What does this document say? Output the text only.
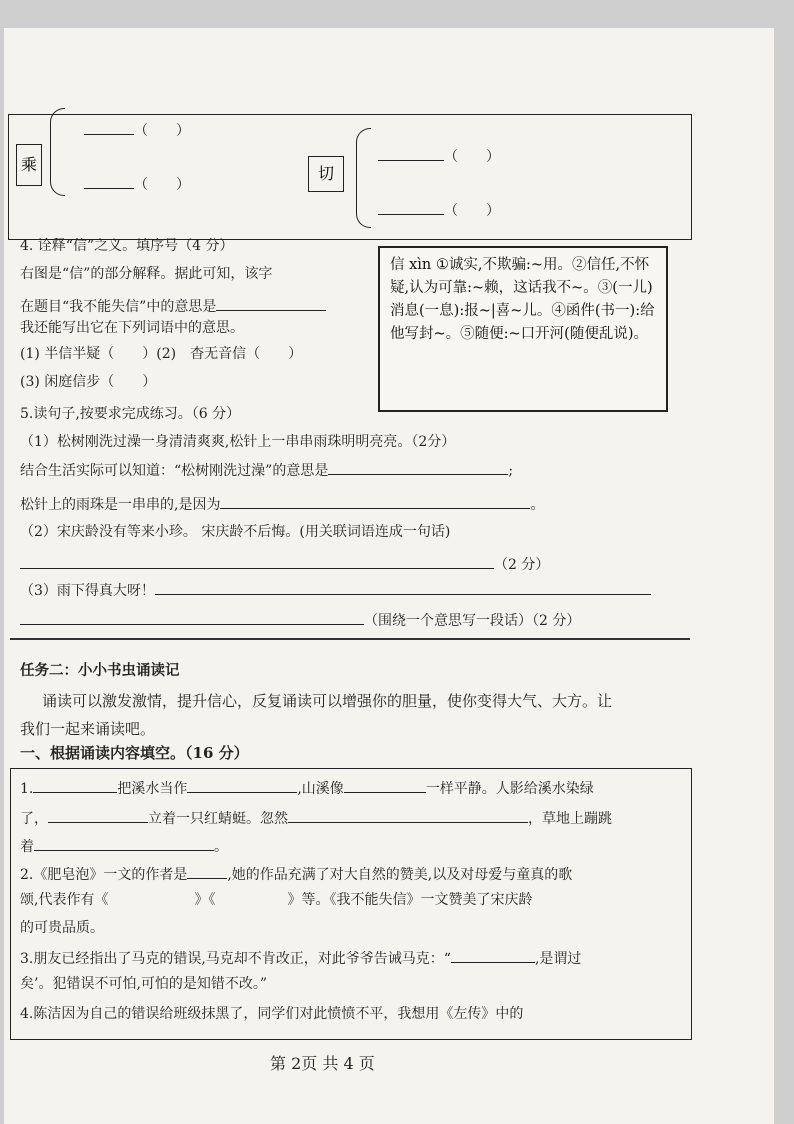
乘
（　　）
（　　）
切
（　　）
（　　）
4. 诠释“信”之义。填序号（4 分）
右图是“信”的部分解释。据此可知，该字
在题目“我不能失信”中的意思是
我还能写出它在下列词语中的意思。
(1) 半信半疑（　　）(2)　杳无音信（　　）
(3) 闲庭信步（　　）
信 xìn ①诚实,不欺骗:~用。②信任,不怀疑,认为可靠:~赖，这话我不~。③(一儿)消息(一息):报~|喜~儿。④函件(书一):给他写封~。⑤随便:~口开河(随便乱说)。
5.读句子,按要求完成练习。（6 分）
（1）松树刚洗过澡一身清清爽爽,松针上一串串雨珠明明亮亮。（2分）
结合生活实际可以知道：“松树刚洗过澡”的意思是	;
松针上的雨珠是一串串的,是因为	。
（2）宋庆龄没有等来小珍。 宋庆龄不后悔。(用关联词语连成一句话)
（2 分）
（3）雨下得真大呀！
（围绕一个意思写一段话）（2 分）
任务二：小小书虫诵读记
诵读可以激发激情，提升信心，反复诵读可以增强你的胆量，使你变得大气、大方。让
我们一起来诵读吧。
一、根据诵读内容填空。（16 分）
1.	把溪水当作	,山溪像	一样平静。人影给溪水染绿
了，	立着一只红蜻蜓。忽然	，草地上蹦跳
着	。
2.《肥皂泡》一文的作者是	,她的作品充满了对大自然的赞美,以及对母爱与童真的歌
颂,代表作有《	》《	》等。《我不能失信》一文赞美了宋庆龄
的可贵品质。
3.朋友已经指出了马克的错误,马克却不肯改正，对此爷爷告诫马克：“	,是谓过
矣’。犯错误不可怕,可怕的是知错不改。”
4.陈洁因为自己的错误给班级抹黑了，同学们对此愤愤不平，我想用《左传》中的
第 2页 共 4 页
